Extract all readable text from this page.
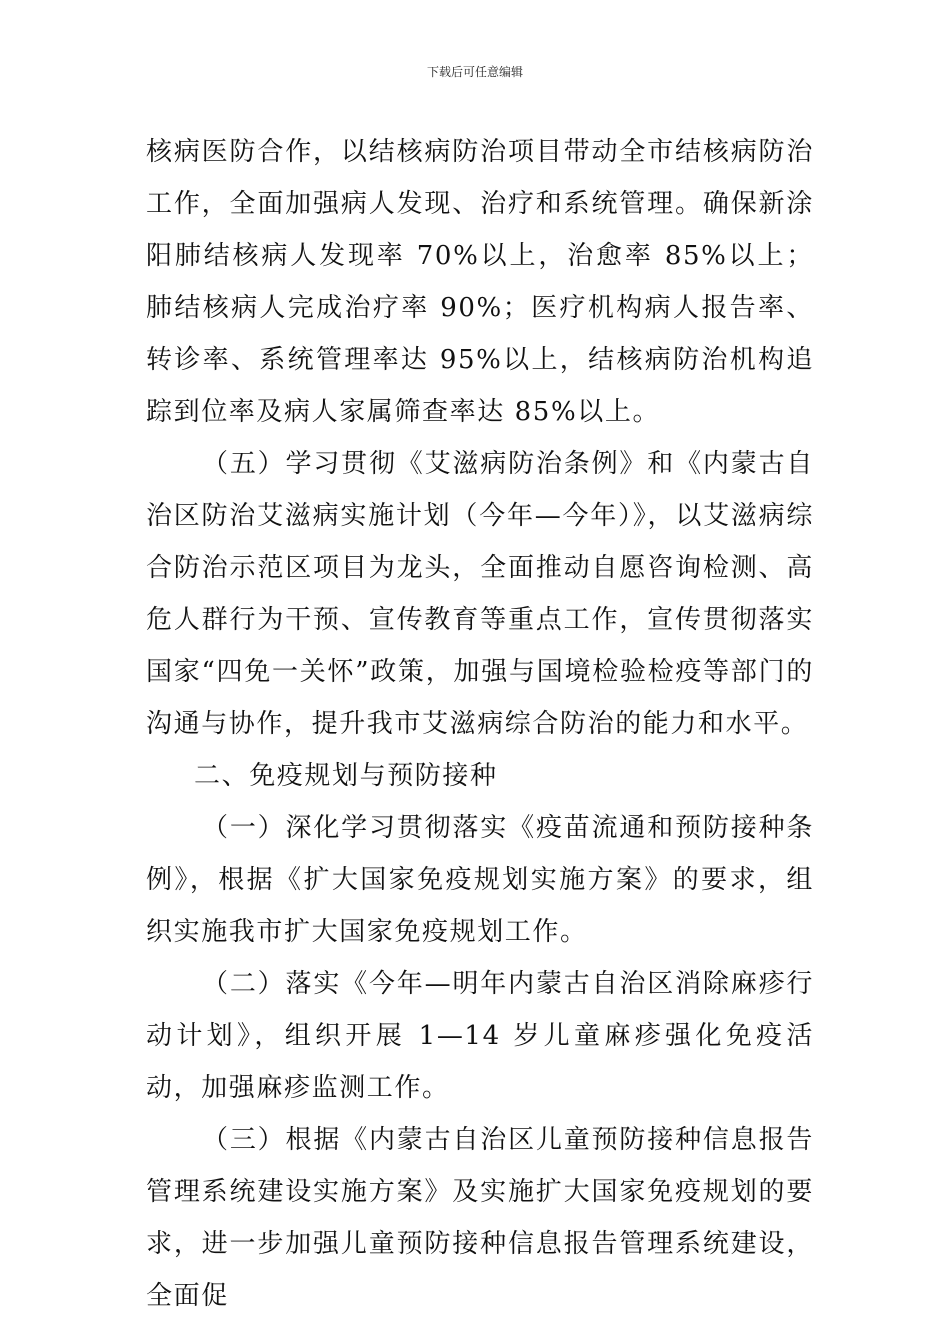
下载后可任意编辑

核病医防合作，以结核病防治项目带动全市结核病防治工作，全面加强病人发现、治疗和系统管理。确保新涂阳肺结核病人发现率 70%以上，治愈率 85%以上；肺结核病人完成治疗率 90%；医疗机构病人报告率、转诊率、系统管理率达 95%以上，结核病防治机构追踪到位率及病人家属筛查率达 85%以上。

（五）学习贯彻《艾滋病防治条例》和《内蒙古自治区防治艾滋病实施计划（今年—今年）》，以艾滋病综合防治示范区项目为龙头，全面推动自愿咨询检测、高危人群行为干预、宣传教育等重点工作，宣传贯彻落实国家“四免一关怀”政策，加强与国境检验检疫等部门的沟通与协作，提升我市艾滋病综合防治的能力和水平。

二、免疫规划与预防接种

（一）深化学习贯彻落实《疫苗流通和预防接种条例》，根据《扩大国家免疫规划实施方案》的要求，组织实施我市扩大国家免疫规划工作。

（二）落实《今年—明年内蒙古自治区消除麻疹行动计划》，组织开展 1—14 岁儿童麻疹强化免疫活动，加强麻疹监测工作。

（三）根据《内蒙古自治区儿童预防接种信息报告管理系统建设实施方案》及实施扩大国家免疫规划的要求，进一步加强儿童预防接种信息报告管理系统建设，全面促
